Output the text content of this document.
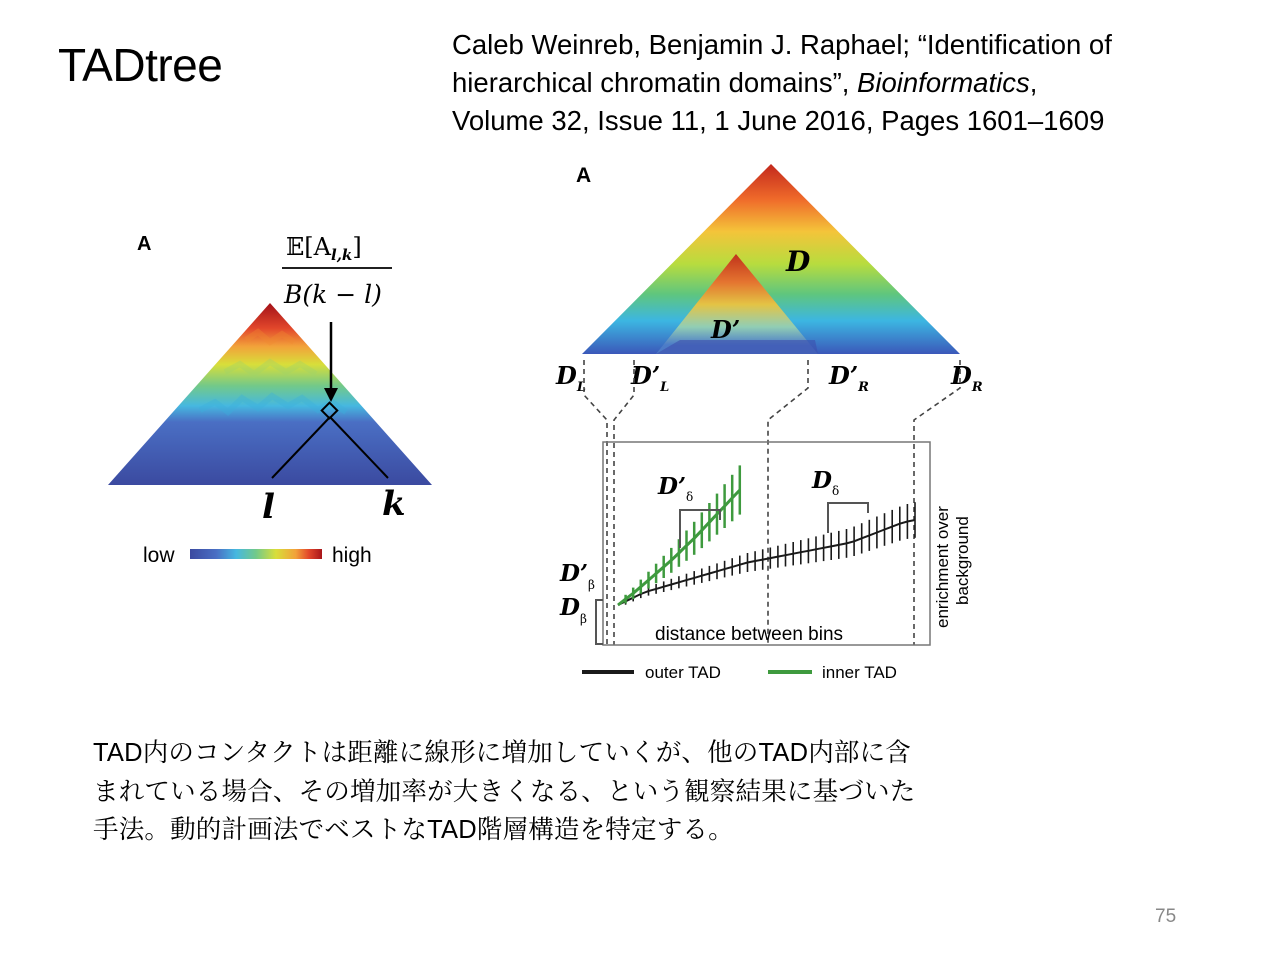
TADtree	Caleb Weinreb, Benjamin J. Raphael; “Identification of
hierarchical chromatin domains”, Bioinformatics,
Volume 32, Issue 11, 1 June 2016, Pages 1601–1609
A	$𝔼[A_{l,k}]$
B(k − l)
l	k
low	high
A
D
D’
$D_L$ $D’_L$	$D’_R$	$D_R$
$D’_\delta$
$D_\delta$
$D’_\beta$
$D_\beta$
distance between bins
enrichment over background
outer TAD	inner TAD
TAD内のコンタクトは距離に線形に増加していくが、他のTAD内部に含
まれている場合、その増加率が大きくなる、という観察結果に基づいた
手法。動的計画法でベストなTAD階層構造を特定する。
75
